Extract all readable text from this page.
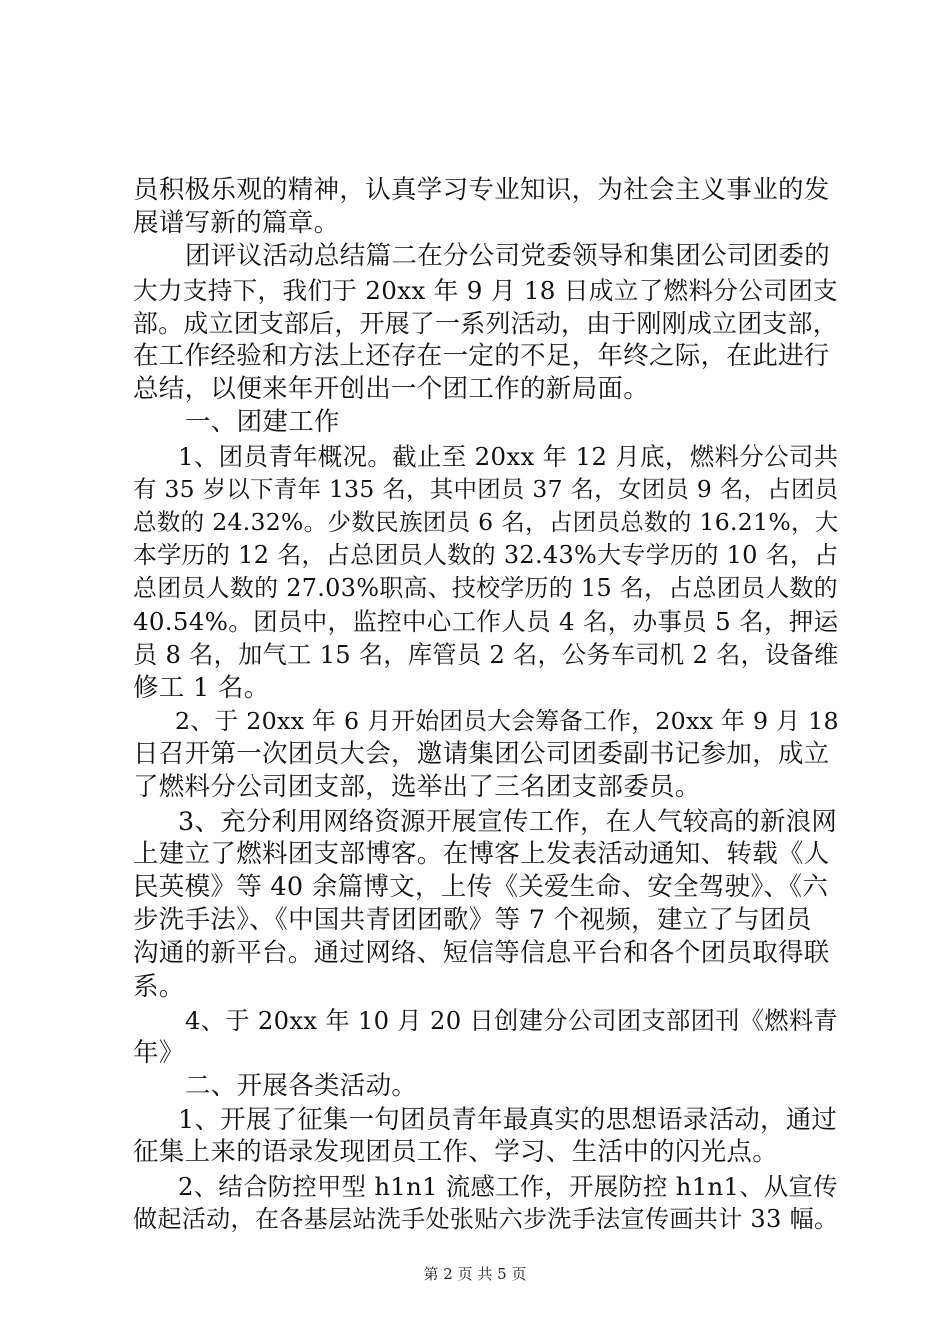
员积极乐观的精神，认真学习专业知识，为社会主义事业的发
展谱写新的篇章。
团评议活动总结篇二在分公司党委领导和集团公司团委的
大力支持下，我们于 20xx 年 9 月 18 日成立了燃料分公司团支
部。成立团支部后，开展了一系列活动，由于刚刚成立团支部，
在工作经验和方法上还存在一定的不足，年终之际，在此进行
总结，以便来年开创出一个团工作的新局面。
一、团建工作
1、团员青年概况。截止至 20xx 年 12 月底，燃料分公司共
有 35 岁以下青年 135 名，其中团员 37 名，女团员 9 名，占团员
总数的 24.32%。少数民族团员 6 名，占团员总数的 16.21%，大
本学历的 12 名，占总团员人数的 32.43%大专学历的 10 名，占
总团员人数的 27.03%职高、技校学历的 15 名，占总团员人数的
40.54%。团员中，监控中心工作人员 4 名，办事员 5 名，押运
员 8 名，加气工 15 名，库管员 2 名，公务车司机 2 名，设备维
修工 1 名。
2、于 20xx 年 6 月开始团员大会筹备工作，20xx 年 9 月 18
日召开第一次团员大会，邀请集团公司团委副书记参加，成立
了燃料分公司团支部，选举出了三名团支部委员。
3、充分利用网络资源开展宣传工作，在人气较高的新浪网
上建立了燃料团支部博客。在博客上发表活动通知、转载《人
民英模》等 40 余篇博文，上传《关爱生命、安全驾驶》、《六
步洗手法》、《中国共青团团歌》等 7 个视频，建立了与团员
沟通的新平台。通过网络、短信等信息平台和各个团员取得联
系。
4、于 20xx 年 10 月 20 日创建分公司团支部团刊《燃料青
年》
二、开展各类活动。
1、开展了征集一句团员青年最真实的思想语录活动，通过
征集上来的语录发现团员工作、学习、生活中的闪光点。
2、结合防控甲型 h1n1 流感工作，开展防控 h1n1、从宣传
做起活动，在各基层站洗手处张贴六步洗手法宣传画共计 33 幅。
第 2 页 共 5 页
